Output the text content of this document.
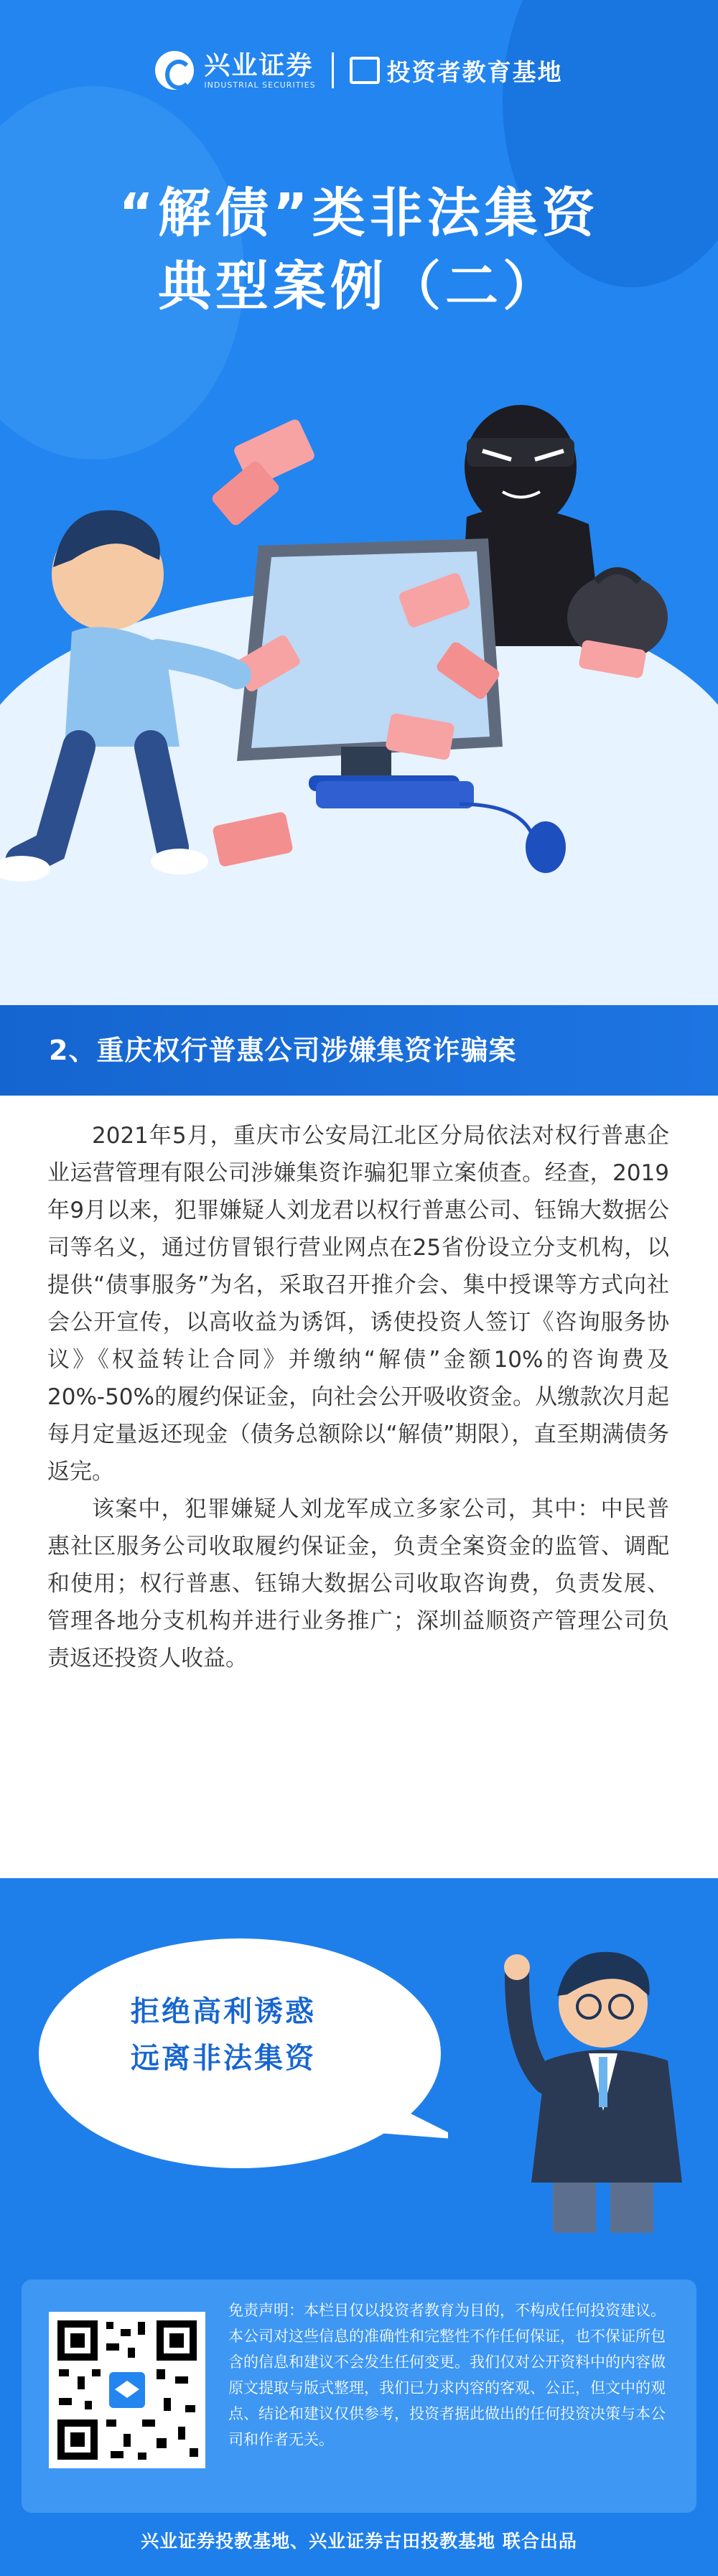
兴业证券
INDUSTRIAL SECURITIES	投资者教育基地
“解债”类非法集资
典型案例（二）
2、重庆权行普惠公司涉嫌集资诈骗案

2021年5月，重庆市公安局江北区分局依法对权行普惠企业运营管理有限公司涉嫌集资诈骗犯罪立案侦查。经查，2019年9月以来，犯罪嫌疑人刘龙君以权行普惠公司、钰锦大数据公司等名义，通过仿冒银行营业网点在25省份设立分支机构，以提供“债事服务”为名，采取召开推介会、集中授课等方式向社会公开宣传，以高收益为诱饵，诱使投资人签订《咨询服务协议》《权益转让合同》并缴纳“解债”金额10%的咨询费及20%-50%的履约保证金，向社会公开吸收资金。从缴款次月起每月定量返还现金（债务总额除以“解债”期限），直至期满债务返完。

该案中，犯罪嫌疑人刘龙军成立多家公司，其中：中民普惠社区服务公司收取履约保证金，负责全案资金的监管、调配和使用；权行普惠、钰锦大数据公司收取咨询费，负责发展、管理各地分支机构并进行业务推广；深圳益顺资产管理公司负责返还投资人收益。

拒绝高利诱惑
远离非法集资
免责声明：本栏目仅以投资者教育为目的，不构成任何投资建议。本公司对这些信息的准确性和完整性不作任何保证，也不保证所包含的信息和建议不会发生任何变更。我们仅对公开资料中的内容做原文提取与版式整理，我们已力求内容的客观、公正，但文中的观点、结论和建议仅供参考，投资者据此做出的任何投资决策与本公司和作者无关。
兴业证券投教基地、兴业证券古田投教基地 联合出品
